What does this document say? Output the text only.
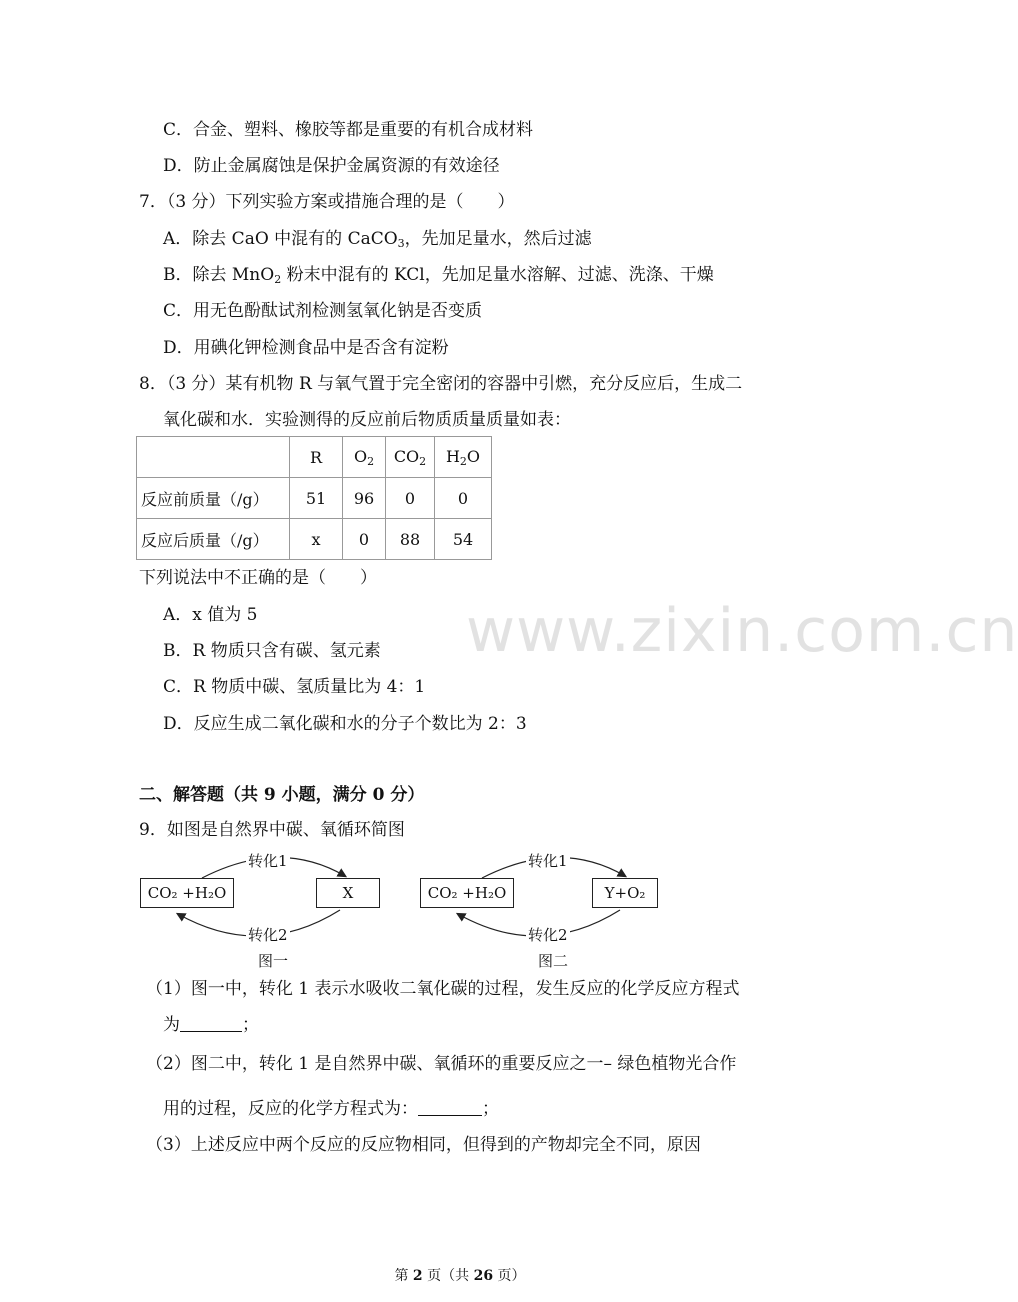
C．合金、塑料、橡胶等都是重要的有机合成材料
D．防止金属腐蚀是保护金属资源的有效途径
7．（3 分）下列实验方案或措施合理的是（　　）
A．除去 CaO 中混有的 CaCO$_3$，先加足量水，然后过滤
B．除去 MnO$_2$ 粉末中混有的 KCl，先加足量水溶解、过滤、洗涤、干燥
C．用无色酚酞试剂检测氢氧化钠是否变质
D．用碘化钾检测食品中是否含有淀粉
8．（3 分）某有机物 R 与氧气置于完全密闭的容器中引燃，充分反应后，生成二
氧化碳和水．实验测得的反应前后物质质量质量如表：
	R	$O_2$	$CO_2$	$H_2O$
反应前质量（/g）	51	96	0	0
反应后质量（/g）	x	0	88	54
下列说法中不正确的是（　　）
A．x 值为 5
B．R 物质只含有碳、氢元素
C．R 物质中碳、氢质量比为 4：1
D．反应生成二氧化碳和水的分子个数比为 2：3
www.zixin.com.cn
二、解答题（共 9 小题，满分 0 分）
9．如图是自然界中碳、氧循环简图
CO₂ +H₂O	X
转化1
转化2
图一
CO₂ +H₂O	Y+O₂
转化1
转化2
图二
（1）图一中，转化 1 表示水吸收二氧化碳的过程，发生反应的化学反应方程式
为	；
（2）图二中，转化 1 是自然界中碳、氧循环的重要反应之一– 绿色植物光合作
用的过程，反应的化学方程式为：	；
（3）上述反应中两个反应的反应物相同，但得到的产物却完全不同，原因
第 2 页（共 26 页）
